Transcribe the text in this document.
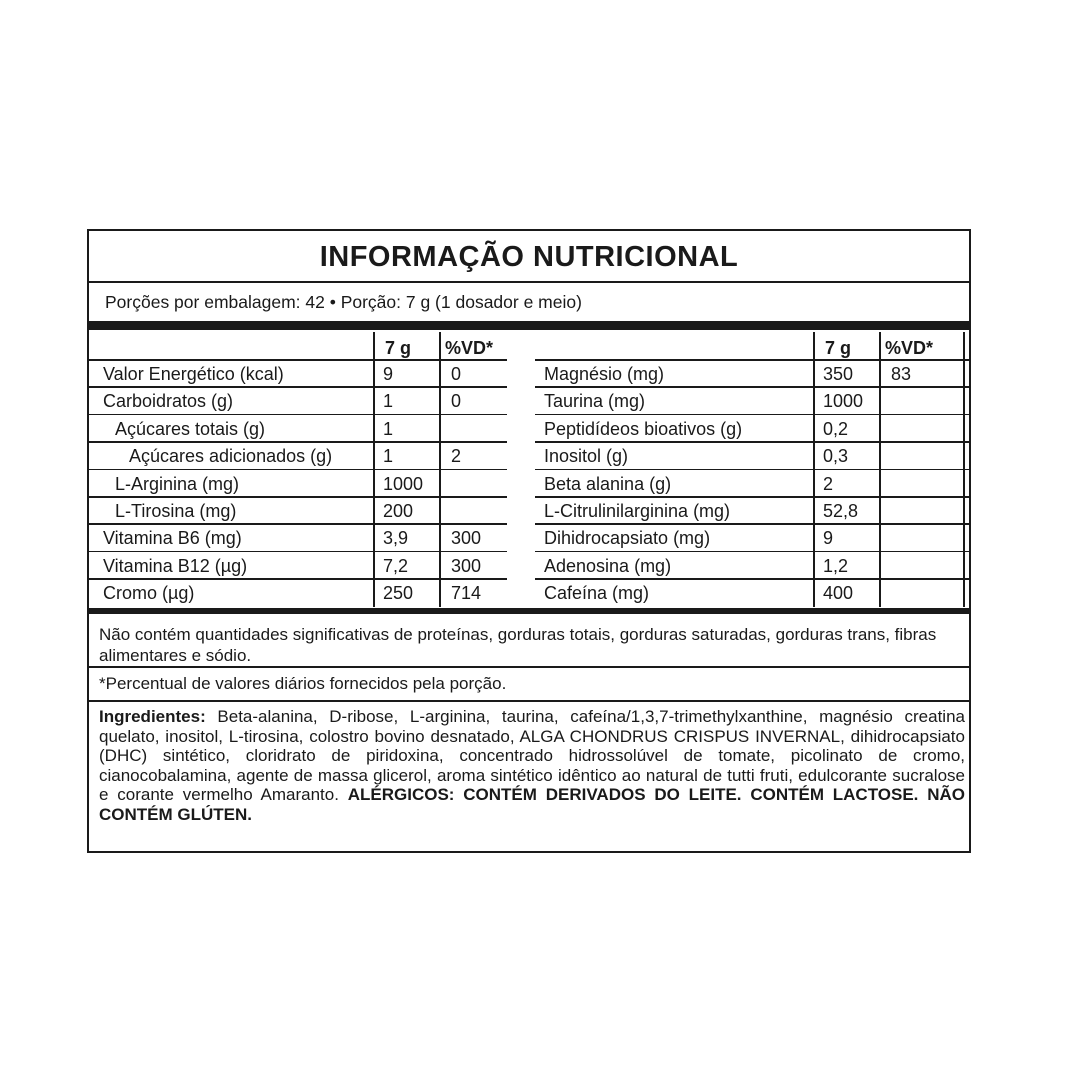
INFORMAÇÃO NUTRICIONAL
Porções por embalagem: 42 • Porção: 7 g (1 dosador e meio)
7 g %VD*	7 g %VD*
Valor Energético (kcal)	9	0
Carboidratos (g)	1	0
Açúcares totais (g)	1
Açúcares adicionados (g)	1	2
L-Arginina (mg)	1000
L-Tirosina (mg)	200
Vitamina B6 (mg)	3,9 300
Vitamina B12 (µg)	7,2 300
Cromo (µg)	250 714
Magnésio (mg)	350 83
Taurina (mg)	1000
Peptidídeos bioativos (g)	0,2
Inositol (g)	0,3
Beta alanina (g)	2
L-Citrulinilarginina (mg)	52,8
Dihidrocapsiato (mg)	9
Adenosina (mg)	1,2
Cafeína (mg)	400
Não contém quantidades significativas de proteínas, gorduras totais, gorduras saturadas, gorduras trans, fibras alimentares e sódio.
*Percentual de valores diários fornecidos pela porção.
Ingredientes: Beta-alanina, D-ribose, L-arginina, taurina, cafeína/1,3,7-trimethylxanthine, magnésio creatina quelato, inositol, L-tirosina, colostro bovino desnatado, ALGA CHONDRUS CRISPUS INVERNAL, dihidrocapsiato (DHC) sintético, cloridrato de piridoxina, concentrado hidrossolúvel de tomate, picolinato de cromo, cianocobalamina, agente de massa glicerol, aroma sintético idêntico ao natural de tutti fruti, edulcorante sucralose e corante vermelho Amaranto. ALÉRGICOS: CONTÉM DERIVADOS DO LEITE. CONTÉM LACTOSE. NÃO CONTÉM GLÚTEN.
